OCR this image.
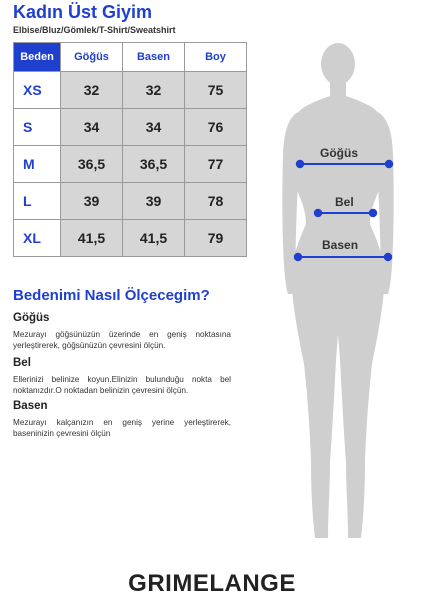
Kadın Üst Giyim
Elbise/Bluz/Gömlek/T-Shirt/Sweatshirt
Beden	Göğüs	Basen	Boy
XS	32	32	75
S	34	34	76
M	36,5	36,5	77
L	39	39	78
XL	41,5	41,5	79
Bedenimi Nasıl Ölçecegim?
Göğüs
Mezurayı göğsünüzün üzerinde en geniş noktasına yerleştirerek, göğsünüzün çevresini ölçün.
Bel
Ellerinizi belinize koyun.Elinizin bulunduğu nokta bel noktanızdır.O noktadan belinizin çevresini ölçün.
Basen
Mezurayı kalçanızın en geniş yerine yerleştirerek, baseninizin çevresini ölçün
Göğüs
Bel
Basen
GRIMELANGE
